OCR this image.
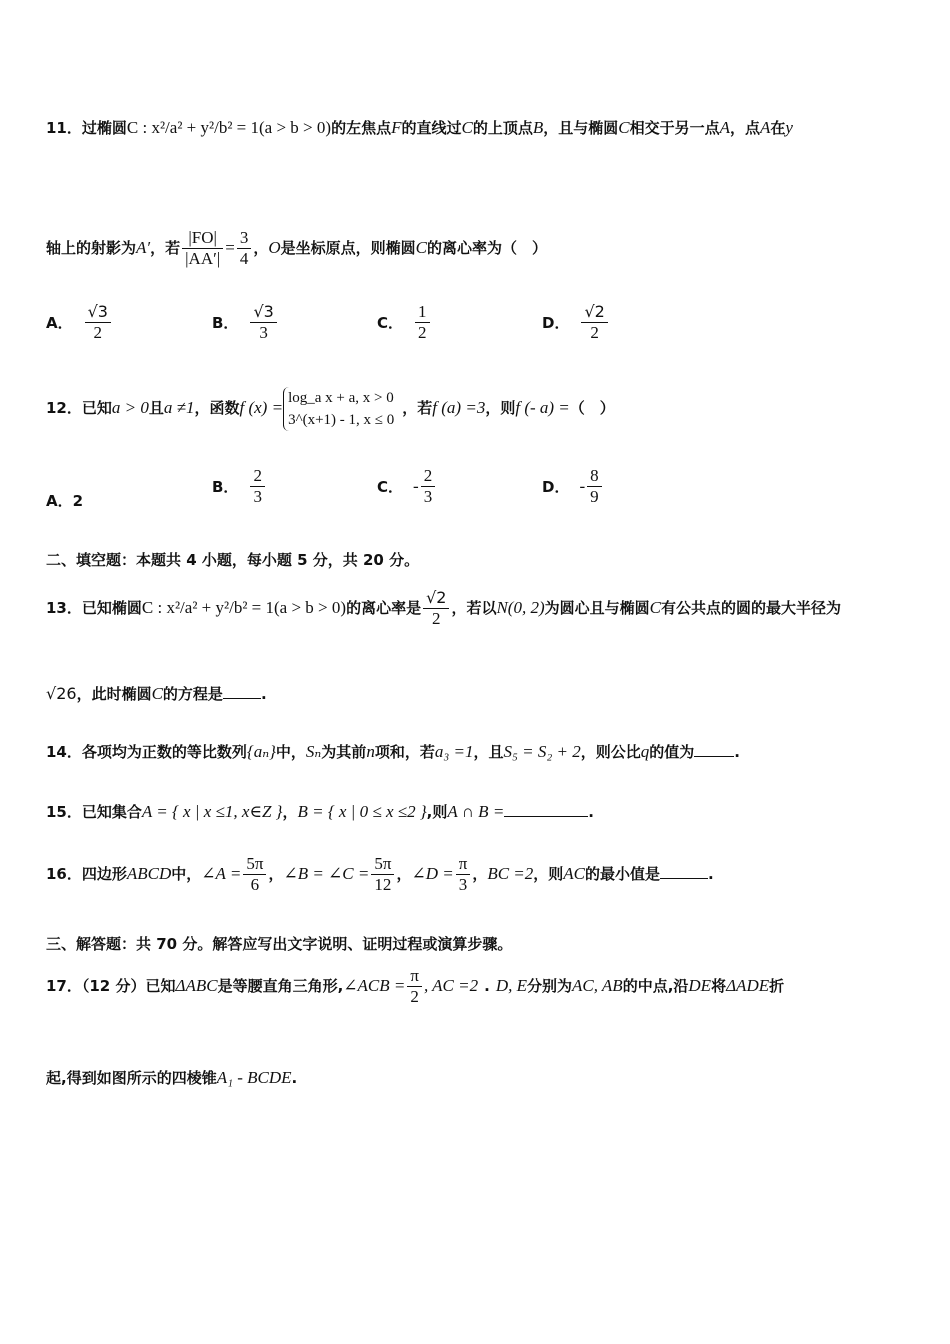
11．过椭圆C : x²/a² + y²/b² = 1(a > b > 0)的左焦点F的直线过C的上顶点B，且与椭圆C相交于另一点A，点A在y
轴上的射影为A′，若 $\frac{|FO|}{|AA'|} = \frac{3}{4}$ ，O是坐标原点，则椭圆C的离心率为（　）
A． $\frac{√3}{2}$	B． $\frac{√3}{3}$	C． $\frac{1}{2}$	D． $\frac{√2}{2}$
12．已知a > 0且a ≠1，函数f (x) =
log_a x + a, x > 0
3^(x+1) - 1, x ≤ 0
，若f (a) =3，则f (- a) =（　）
A．2
B． $\frac{2}{3}$	C． - $\frac{2}{3}$	D． - $\frac{8}{9}$
二、填空题：本题共 4 小题，每小题 5 分，共 20 分。
13．已知椭圆C : x²/a² + y²/b² = 1(a > b > 0)的离心率是 $\frac{√2}{2}$ ，若以N(0, 2)为圆心且与椭圆C有公共点的圆的最大半径为
√26，此时椭圆C的方程是	.
14．各项均为正数的等比数列{aₙ}中，Sₙ为其前n项和，若a₃ =1，且S₅ = S₂ + 2，则公比q的值为	.
15．已知集合A = { x | x ≤1, x∈Z }，B = { x | 0 ≤ x ≤2 },则A ∩ B =	.
16．四边形ABCD中，∠A = $\frac{5\pi}{6}$ ，∠B = ∠C = $\frac{5\pi}{12}$ ，∠D = $\frac{\pi}{3}$ ，BC =2，则AC的最小值是	.
三、解答题：共 70 分。解答应写出文字说明、证明过程或演算步骤。
17．（12 分）已知ΔABC是等腰直角三角形,∠ACB = $\frac{\pi}{2}$ , AC =2 . D, E分别为AC, AB的中点,沿DE将ΔADE折
起,得到如图所示的四棱锥A₁ - BCDE.
